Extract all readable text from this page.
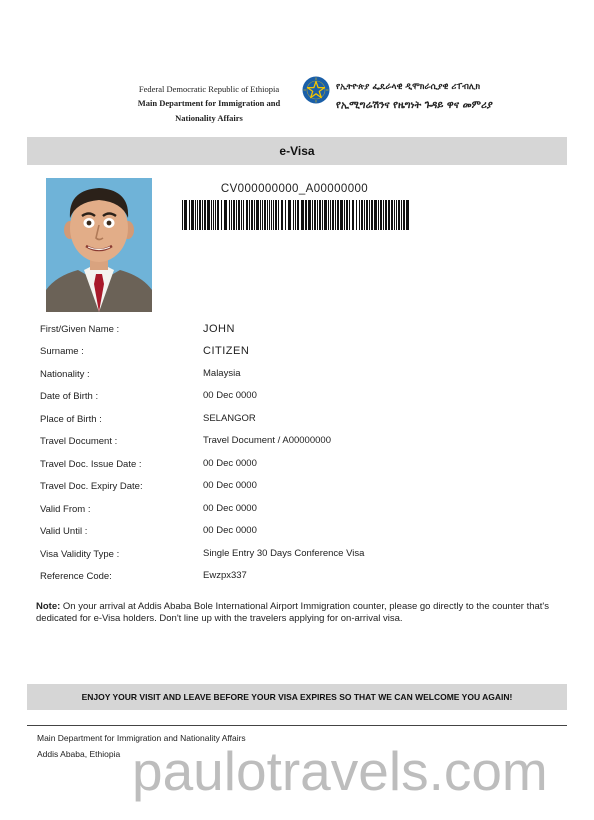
Federal Democratic Republic of Ethiopia
Main Department for Immigration and
Nationality Affairs
የኢትዮጵያ ፌዴራላዊ ዲሞክራሲያዊ ሪፐብሊክ
የኢሚግሬሽንና የዜግነት ጉዳይ ዋና መምሪያ
e-Visa
CV000000000_A00000000
First/Given Name :	JOHN
Surname :	CITIZEN
Nationality :	Malaysia
Date of Birth :	00 Dec 0000
Place of Birth :	SELANGOR
Travel Document :	Travel Document / A00000000
Travel Doc. Issue Date :	00 Dec 0000
Travel Doc. Expiry Date:	00 Dec 0000
Valid From :	00 Dec 0000
Valid Until :	00 Dec 0000
Visa Validity Type :	Single Entry 30 Days Conference Visa
Reference Code:	Ewzpx337
Note: On your arrival at Addis Ababa Bole International Airport Immigration counter, please go directly to the counter that's dedicated for e-Visa holders. Don't line up with the travelers applying for on-arrival visa.
ENJOY YOUR VISIT AND LEAVE BEFORE YOUR VISA EXPIRES SO THAT WE CAN WELCOME YOU AGAIN!
Main Department for Immigration and Nationality Affairs
Addis Ababa, Ethiopia paulotravels.com
